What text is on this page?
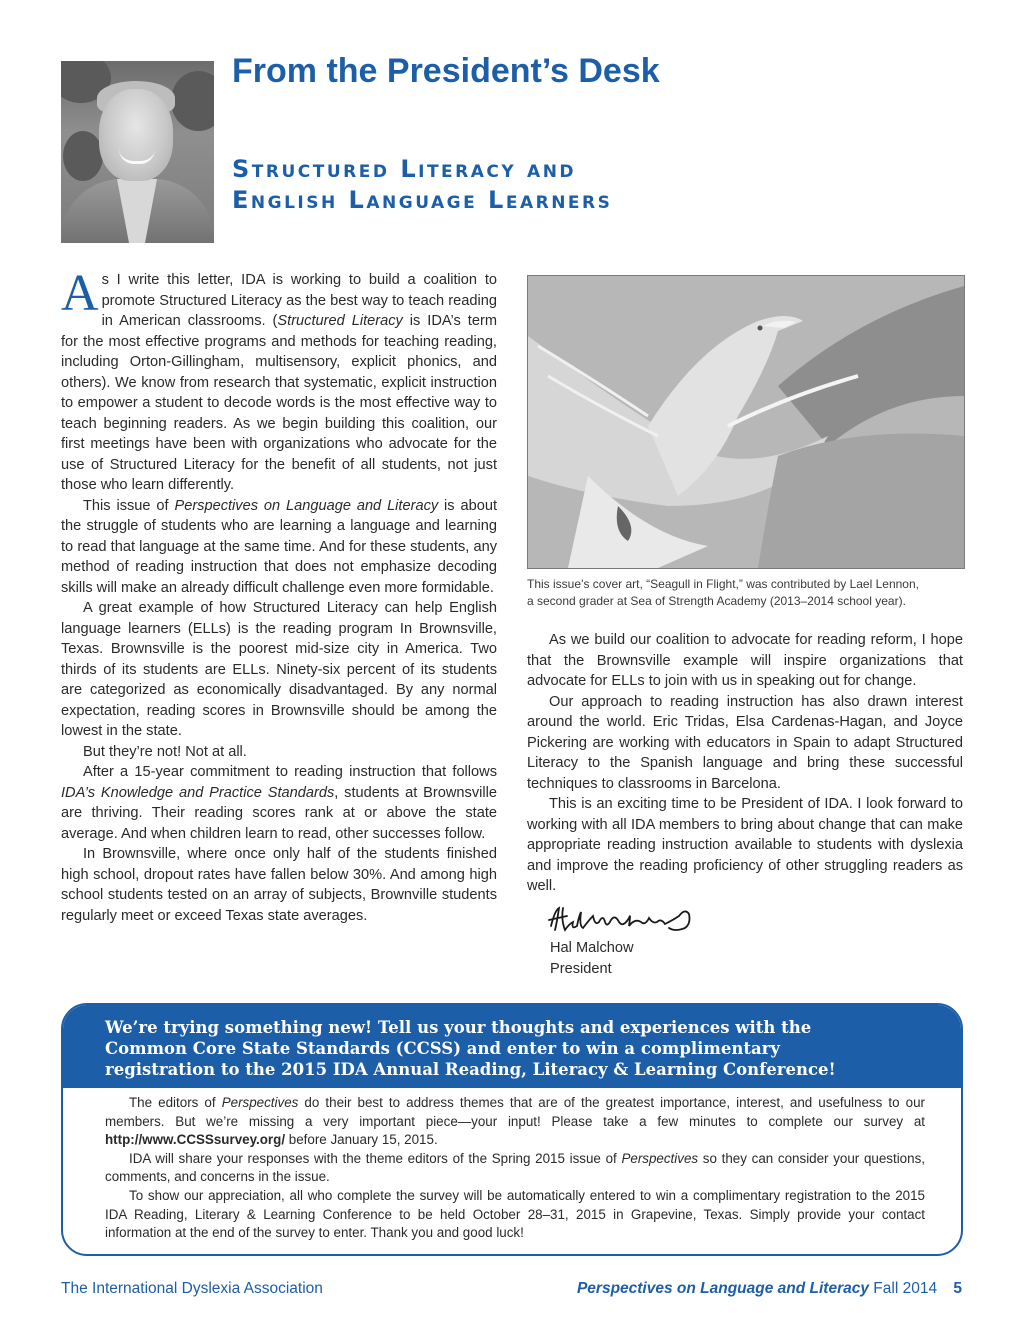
From the President’s Desk
Structured Literacy and
English Language Learners

As I write this letter, IDA is working to build a coalition to promote Structured Literacy as the best way to teach reading in American classrooms. (Structured Literacy is IDA’s term for the most effective programs and methods for teaching reading, including Orton-Gillingham, multisensory, explicit phonics, and others). We know from research that systematic, explicit instruction to empower a student to decode words is the most effective way to teach beginning readers. As we begin building this coalition, our first meetings have been with organizations who advocate for the use of Structured Literacy for the benefit of all students, not just those who learn differently.

This issue of Perspectives on Language and Literacy is about the struggle of students who are learning a language and learning to read that language at the same time. And for these students, any method of reading instruction that does not emphasize decoding skills will make an already difficult challenge even more formidable.

A great example of how Structured Literacy can help English language learners (ELLs) is the reading program In Brownsville, Texas. Brownsville is the poorest mid-size city in America. Two thirds of its students are ELLs. Ninety-six percent of its students are categorized as economically disadvantaged. By any normal expectation, reading scores in Brownsville should be among the lowest in the state.

But they’re not! Not at all.

After a 15-year commitment to reading instruction that follows IDA’s Knowledge and Practice Standards, students at Brownsville are thriving. Their reading scores rank at or above the state average. And when children learn to read, other successes follow.

In Brownsville, where once only half of the students finished high school, dropout rates have fallen below 30%. And among high school students tested on an array of subjects, Brownville students regularly meet or exceed Texas state averages.

This issue’s cover art, “Seagull in Flight,” was contributed by Lael Lennon,
a second grader at Sea of Strength Academy (2013–2014 school year).

As we build our coalition to advocate for reading reform, I hope that the Brownsville example will inspire organizations that advocate for ELLs to join with us in speaking out for change.

Our approach to reading instruction has also drawn interest around the world. Eric Tridas, Elsa Cardenas-Hagan, and Joyce Pickering are working with educators in Spain to adapt Structured Literacy to the Spanish language and bring these successful techniques to classrooms in Barcelona.

This is an exciting time to be President of IDA. I look forward to working with all IDA members to bring about change that can make appropriate reading instruction available to students with dyslexia and improve the reading proficiency of other struggling readers as well.

Hal Malchow
President
We’re trying something new! Tell us your thoughts and experiences with the
Common Core State Standards (CCSS) and enter to win a complimentary
registration to the 2015 IDA Annual Reading, Literacy & Learning Conference!

The editors of Perspectives do their best to address themes that are of the greatest importance, interest, and usefulness to our members. But we’re missing a very important piece—your input! Please take a few minutes to complete our survey at http://www.CCSSsurvey.org/ before January 15, 2015.

IDA will share your responses with the theme editors of the Spring 2015 issue of Perspectives so they can consider your questions, comments, and concerns in the issue.

To show our appreciation, all who complete the survey will be automatically entered to win a complimentary registration to the 2015 IDA Reading, Literary & Learning Conference to be held October 28–31, 2015 in Grapevine, Texas. Simply provide your contact information at the end of the survey to enter. Thank you and good luck!

The International Dyslexia Association	Perspectives on Language and Literacy Fall 2014 5
